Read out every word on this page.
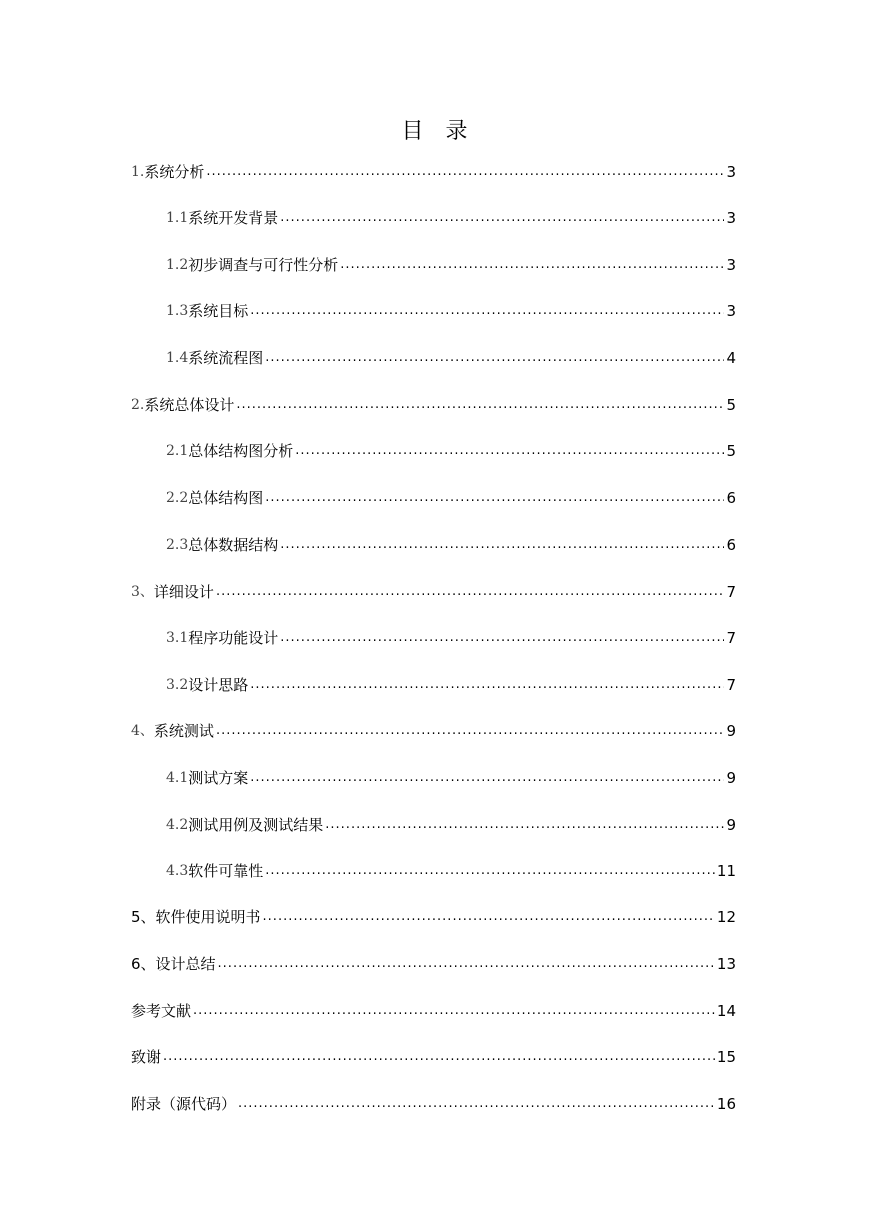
目 录
1. 系统分析 .....	3
1.1 系统开发背景 .....	3
1.2 初步调查与可行性分析 .....	3
1.3 系统目标 .....	3
1.4 系统流程图 .....	4
2. 系统总体设计 .....	5
2.1 总体结构图分析 .....	5
2.2 总体结构图 .....	6
2.3 总体数据结构 .....	6
3、 详细设计 .....	7
3.1 程序功能设计 .....	7
3.2 设计思路 .....	7
4、 系统测试 .....	9
4.1 测试方案 .....	9
4.2 测试用例及测试结果 .....	9
4.3 软件可靠性 .....	11
5、软件使用说明书 .....	12
6、设计总结 .....	13
参考文献 .....	14
致谢 .....	15
附录（源代码） .....	16
